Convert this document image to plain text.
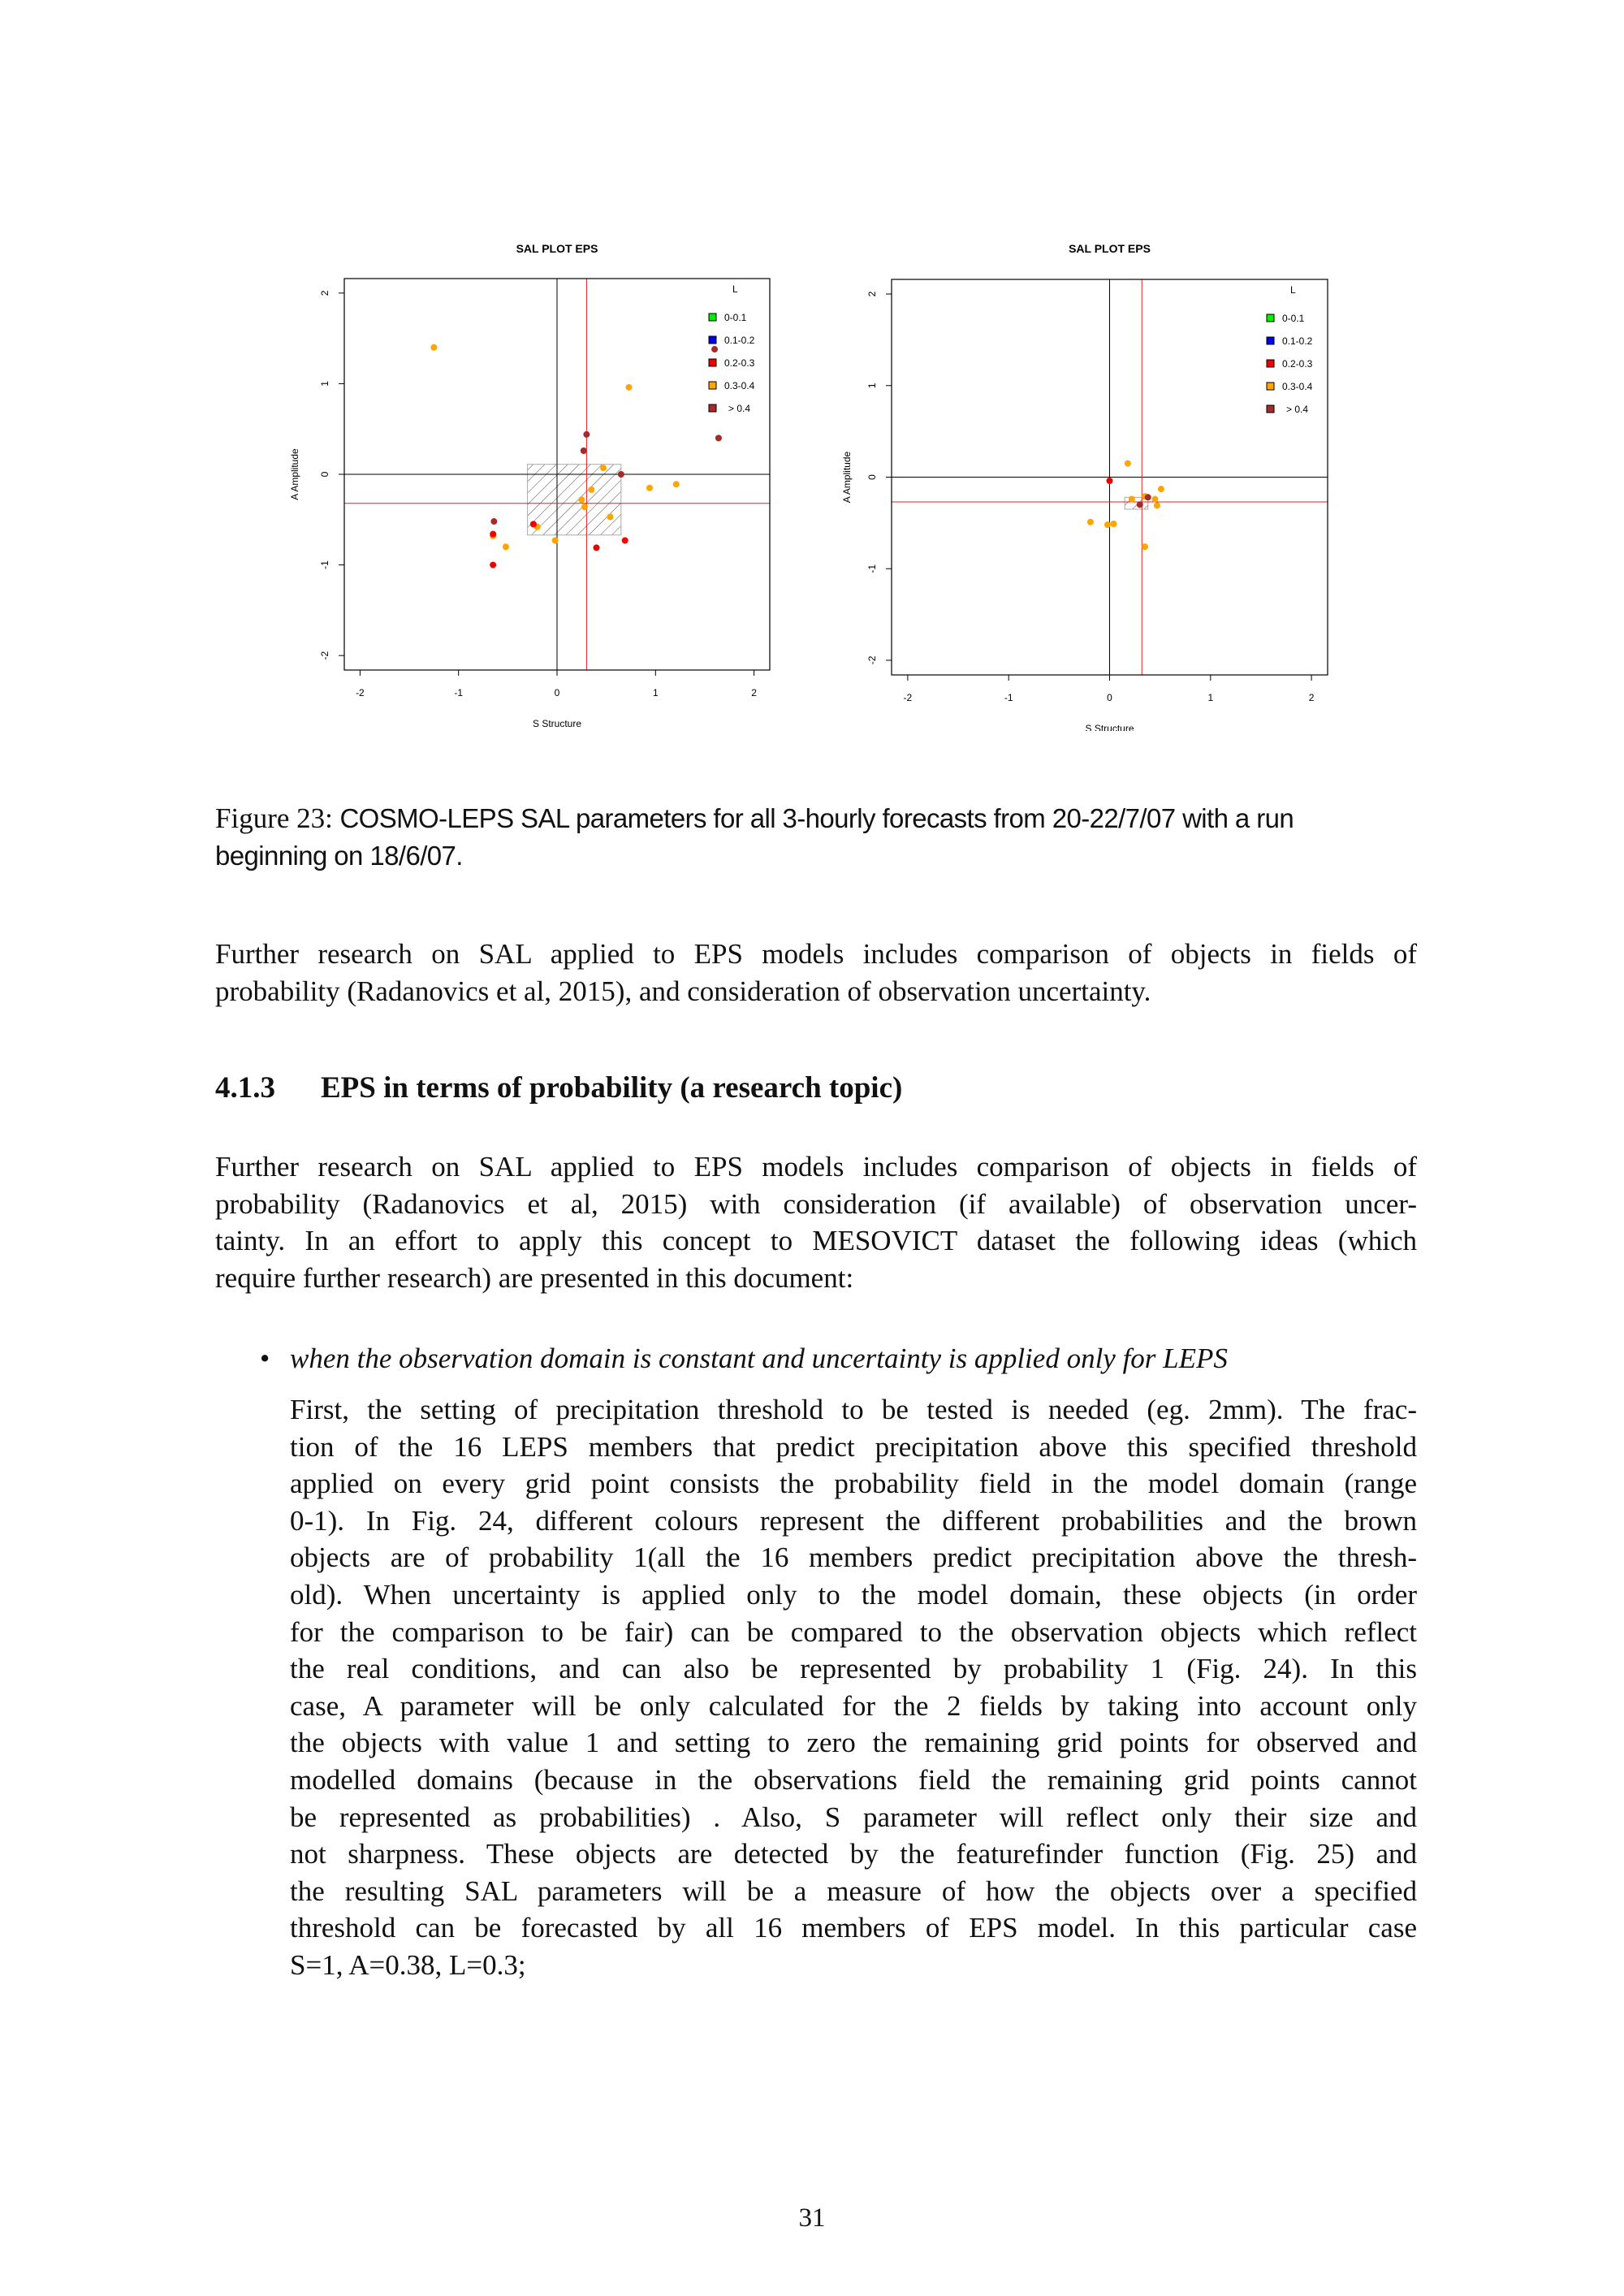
SAL PLOT EPS
S Structure
A Amplitude
-2	-1	0	1	2
-2
-1
0
1
2	L
0-0.1
0.1-0.2
0.2-0.3
0.3-0.4
> 0.4
SAL PLOT EPS
S Structure
A Amplitude
-2	-1	0	1	2
-2
-1
0
1
2	L
0-0.1
0.1-0.2
0.2-0.3
0.3-0.4
> 0.4
Figure 23: COSMO-LEPS SAL parameters for all 3-hourly forecasts from 20-22/7/07 with a run
beginning on 18/6/07.
Further research on SAL applied to EPS models includes comparison of objects in fields of
probability (Radanovics et al, 2015), and consideration of observation uncertainty.
4.1.3 EPS in terms of probability (a research topic)
Further research on SAL applied to EPS models includes comparison of objects in fields of
probability (Radanovics et al, 2015) with consideration (if available) of observation uncer-
tainty. In an effort to apply this concept to MESOVICT dataset the following ideas (which
require further research) are presented in this document:
• when the observation domain is constant and uncertainty is applied only for LEPS
First, the setting of precipitation threshold to be tested is needed (eg. 2mm). The frac-
tion of the 16 LEPS members that predict precipitation above this specified threshold
applied on every grid point consists the probability field in the model domain (range
0-1). In Fig. 24, different colours represent the different probabilities and the brown
objects are of probability 1(all the 16 members predict precipitation above the thresh-
old). When uncertainty is applied only to the model domain, these objects (in order
for the comparison to be fair) can be compared to the observation objects which reflect
the real conditions, and can also be represented by probability 1 (Fig. 24). In this
case, A parameter will be only calculated for the 2 fields by taking into account only
the objects with value 1 and setting to zero the remaining grid points for observed and
modelled domains (because in the observations field the remaining grid points cannot
be represented as probabilities) . Also, S parameter will reflect only their size and
not sharpness. These objects are detected by the featurefinder function (Fig. 25) and
the resulting SAL parameters will be a measure of how the objects over a specified
threshold can be forecasted by all 16 members of EPS model. In this particular case
S=1, A=0.38, L=0.3;
31
